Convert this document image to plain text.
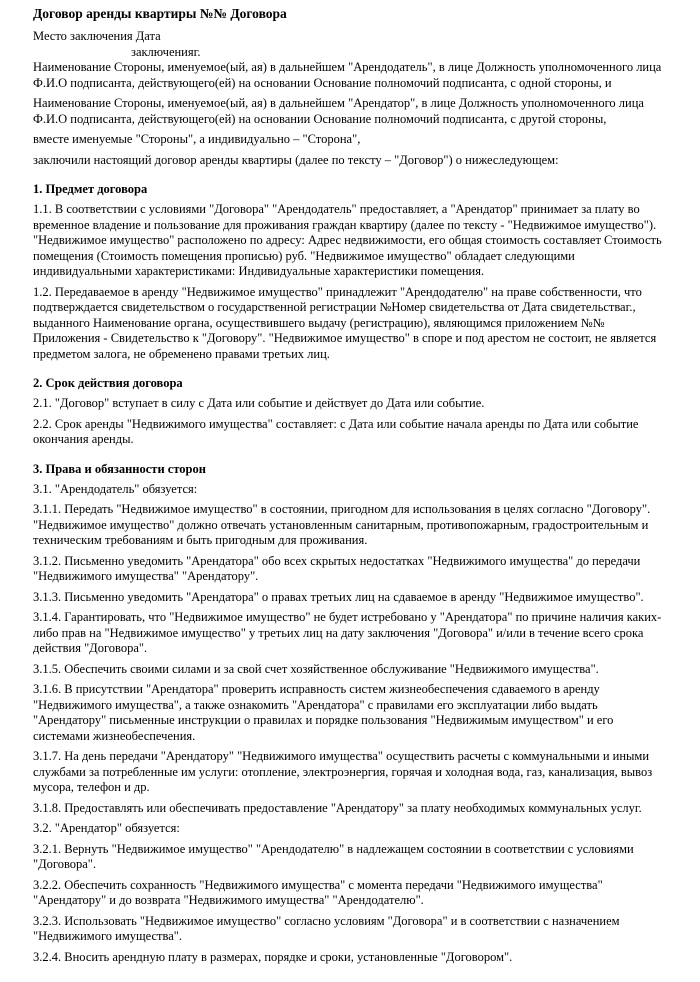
Договор аренды квартиры №№ Договора
Место заключения Дата
заключенияг.

Наименование Стороны, именуемое(ый, ая) в дальнейшем "Арендодатель", в лице Должность уполномоченного лица Ф.И.О подписанта, действующего(ей) на основании Основание полномочий подписанта, с одной стороны, и

Наименование Стороны, именуемое(ый, ая) в дальнейшем "Арендатор", в лице Должность уполномоченного лица Ф.И.О подписанта, действующего(ей) на основании Основание полномочий подписанта, с другой стороны,

вместе именуемые "Стороны", а индивидуально – "Сторона",

заключили настоящий договор аренды квартиры (далее по тексту – "Договор") о нижеследующем:

1. Предмет договора

1.1. В соответствии с условиями "Договора" "Арендодатель" предоставляет, а "Арендатор" принимает за плату во временное владение и пользование для проживания граждан квартиру (далее по тексту - "Недвижимое имущество"). "Недвижимое имущество" расположено по адресу: Адрес недвижимости, его общая стоимость составляет Стоимость помещения (Стоимость помещения прописью) руб. "Недвижимое имущество" обладает следующими индивидуальными характеристиками: Индивидуальные характеристики помещения.

1.2. Передаваемое в аренду "Недвижимое имущество" принадлежит "Арендодателю" на праве собственности, что подтверждается свидетельством о государственной регистрации №Номер свидетельства от Дата свидетельстваг., выданного Наименование органа, осуществившего выдачу (регистрацию), являющимся приложением №№ Приложения - Свидетельство к "Договору". "Недвижимое имущество" в споре и под арестом не состоит, не является предметом залога, не обременено правами третьих лиц.

2. Срок действия договора

2.1. "Договор" вступает в силу с Дата или событие и действует до Дата или событие.

2.2. Срок аренды "Недвижимого имущества" составляет: с Дата или событие начала аренды по Дата или событие окончания аренды.

3. Права и обязанности сторон

3.1. "Арендодатель" обязуется:

3.1.1. Передать "Недвижимое имущество" в состоянии, пригодном для использования в целях согласно "Договору". "Недвижимое имущество" должно отвечать установленным санитарным, противопожарным, градостроительным и техническим требованиям и быть пригодным для проживания.

3.1.2. Письменно уведомить "Арендатора" обо всех скрытых недостатках "Недвижимого имущества" до передачи "Недвижимого имущества" "Арендатору".

3.1.3. Письменно уведомить "Арендатора" о правах третьих лиц на сдаваемое в аренду "Недвижимое имущество".

3.1.4. Гарантировать, что "Недвижимое имущество" не будет истребовано у "Арендатора" по причине наличия каких-либо прав на "Недвижимое имущество" у третьих лиц на дату заключения "Договора" и/или в течение всего срока действия "Договора".

3.1.5. Обеспечить своими силами и за свой счет хозяйственное обслуживание "Недвижимого имущества".

3.1.6. В присутствии "Арендатора" проверить исправность систем жизнеобеспечения сдаваемого в аренду "Недвижимого имущества", а также ознакомить "Арендатора" с правилами его эксплуатации либо выдать "Арендатору" письменные инструкции о правилах и порядке пользования "Недвижимым имуществом" и его системами жизнеобеспечения.

3.1.7. На день передачи "Арендатору" "Недвижимого имущества" осуществить расчеты с коммунальными и иными службами за потребленные им услуги: отопление, электроэнергия, горячая и холодная вода, газ, канализация, вывоз мусора, телефон и др.

3.1.8. Предоставлять или обеспечивать предоставление "Арендатору" за плату необходимых коммунальных услуг.

3.2. "Арендатор" обязуется:

3.2.1. Вернуть "Недвижимое имущество" "Арендодателю" в надлежащем состоянии в соответствии с условиями "Договора".

3.2.2. Обеспечить сохранность "Недвижимого имущества" с момента передачи "Недвижимого имущества" "Арендатору" и до возврата "Недвижимого имущества" "Арендодателю".

3.2.3. Использовать "Недвижимое имущество" согласно условиям "Договора" и в соответствии с назначением "Недвижимого имущества".

3.2.4. Вносить арендную плату в размерах, порядке и сроки, установленные "Договором".
